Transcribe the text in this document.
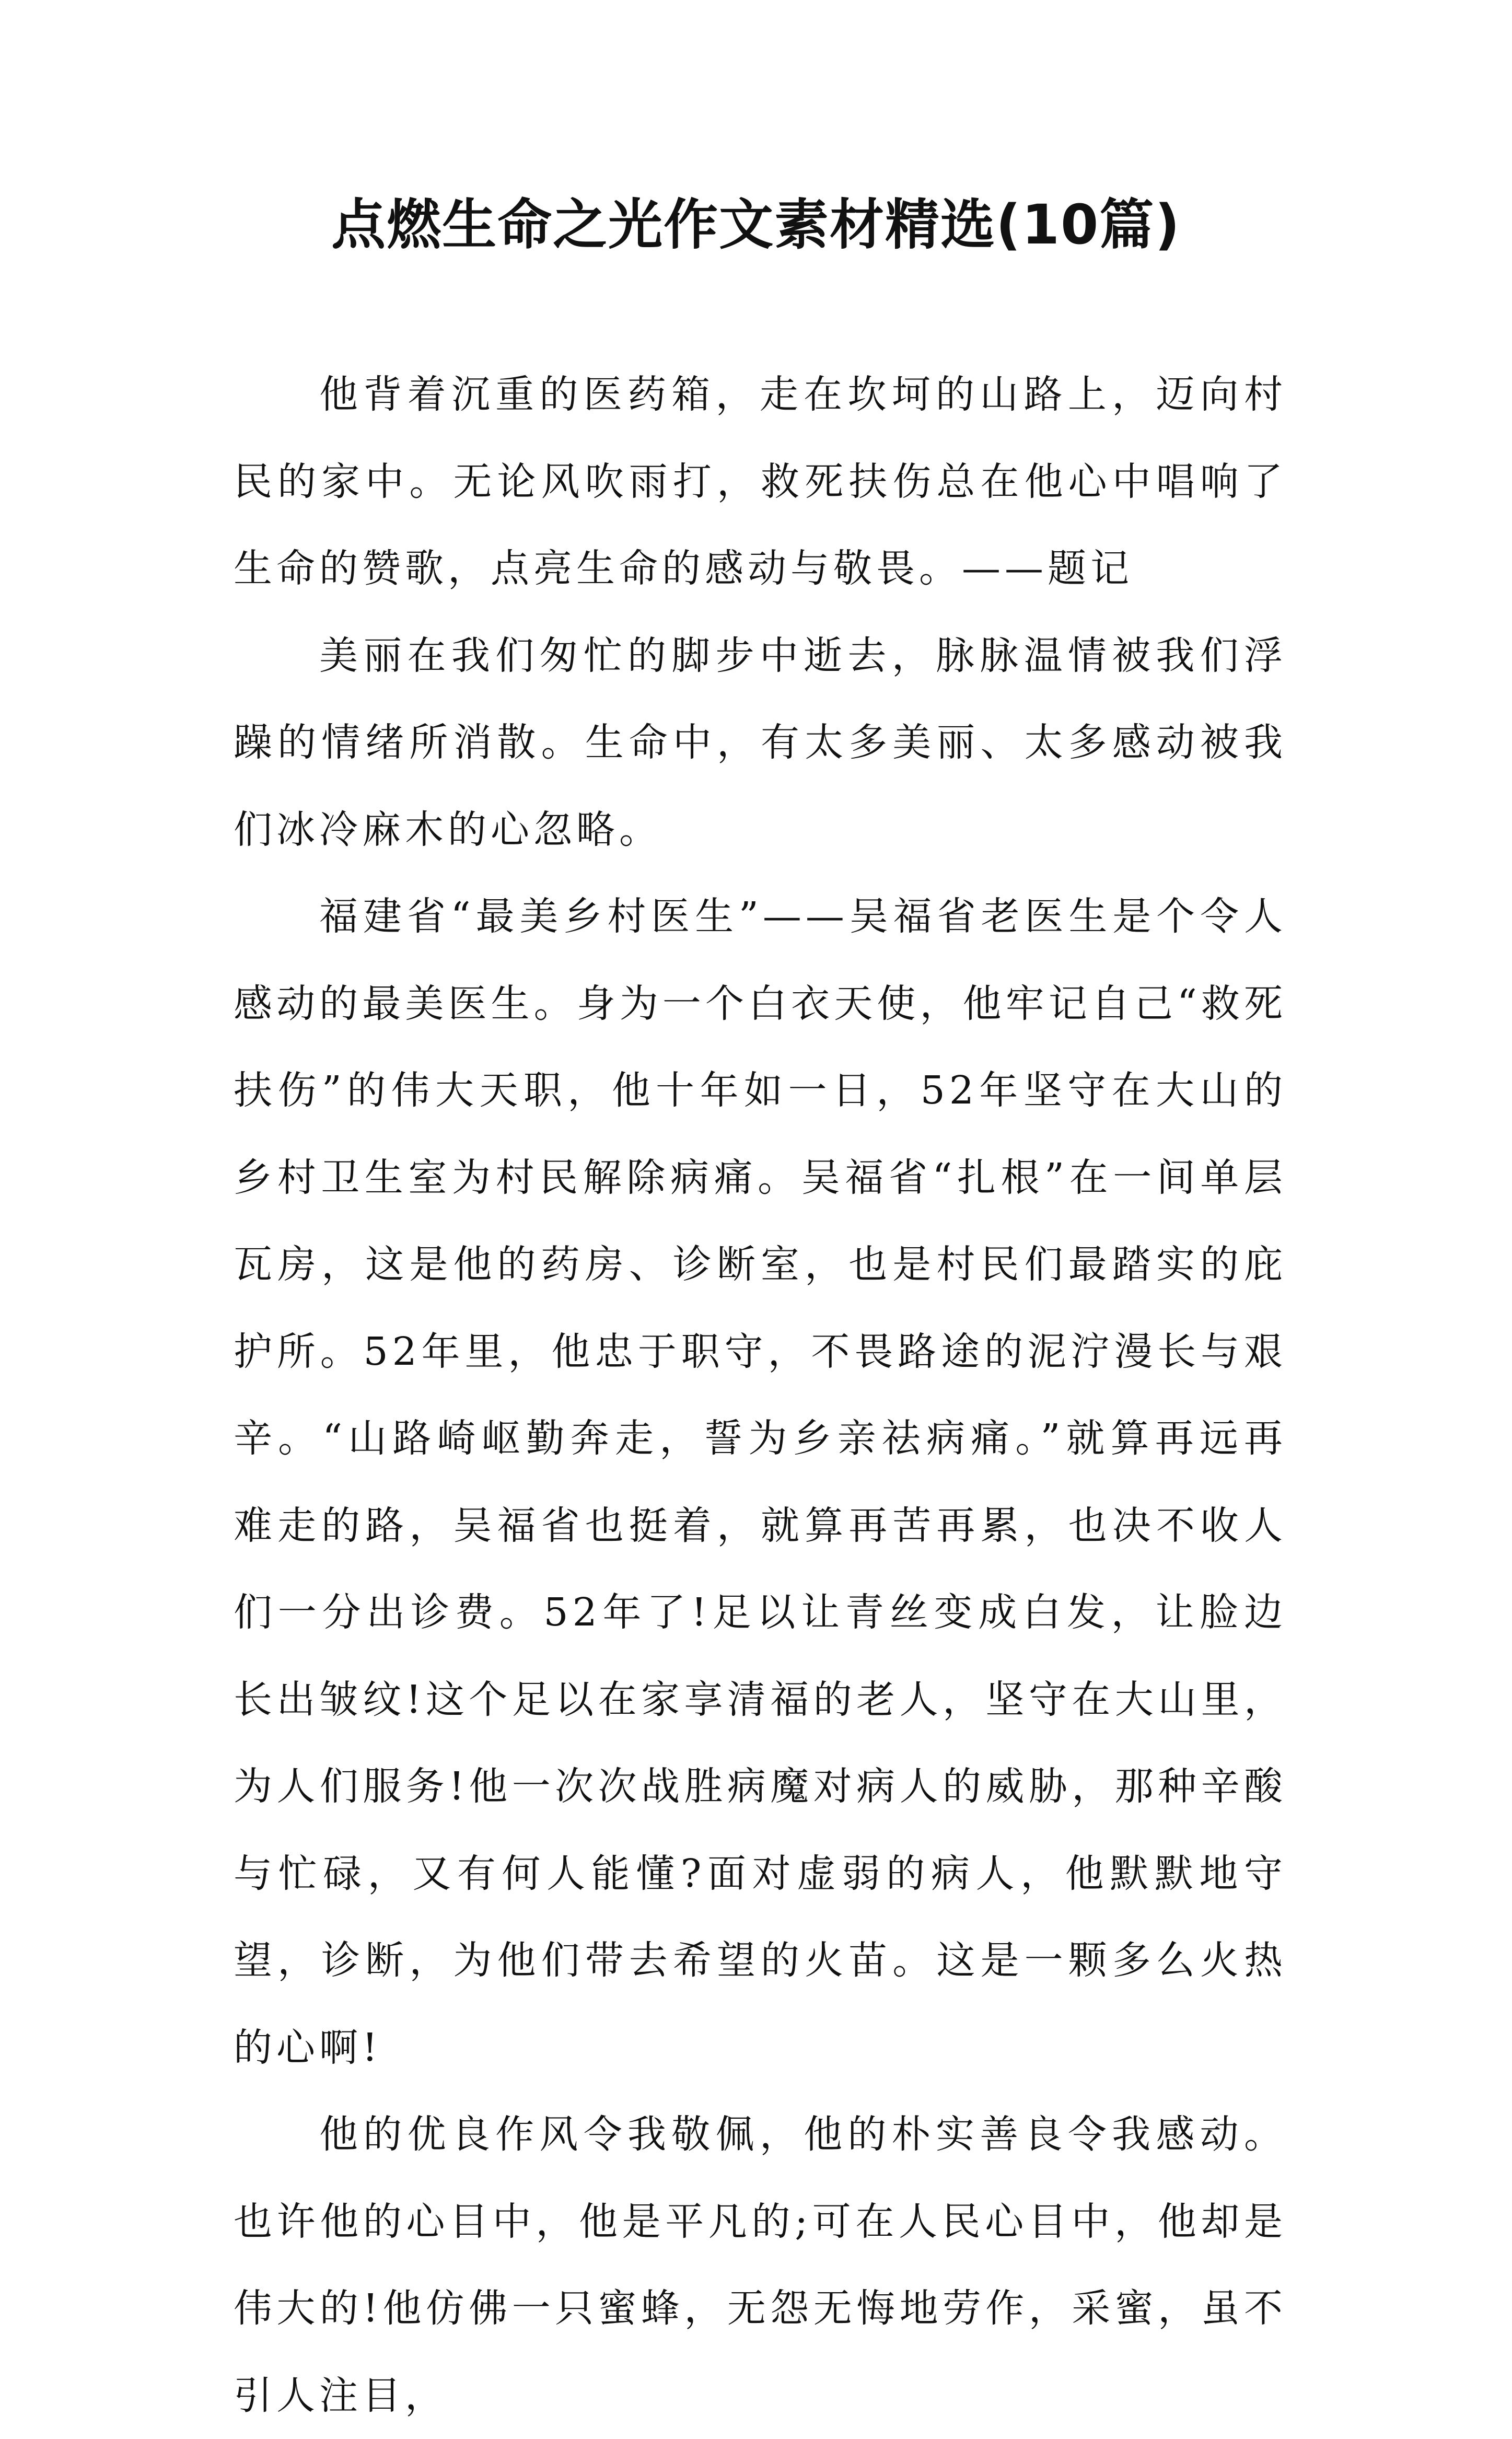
点燃生命之光作文素材精选(10篇)

他背着沉重的医药箱，走在坎坷的山路上，迈向村民的家中。无论风吹雨打，救死扶伤总在他心中唱响了生命的赞歌，点亮生命的感动与敬畏。——题记

美丽在我们匆忙的脚步中逝去，脉脉温情被我们浮躁的情绪所消散。生命中，有太多美丽、太多感动被我们冰冷麻木的心忽略。

福建省“最美乡村医生”——吴福省老医生是个令人感动的最美医生。身为一个白衣天使，他牢记自己“救死扶伤”的伟大天职，他十年如一日，52年坚守在大山的乡村卫生室为村民解除病痛。吴福省“扎根”在一间单层瓦房，这是他的药房、诊断室，也是村民们最踏实的庇护所。52年里，他忠于职守，不畏路途的泥泞漫长与艰辛。“山路崎岖勤奔走，誓为乡亲祛病痛。”就算再远再难走的路，吴福省也挺着，就算再苦再累，也决不收人们一分出诊费。52年了!足以让青丝变成白发，让脸边长出皱纹!这个足以在家享清福的老人，坚守在大山里，为人们服务!他一次次战胜病魔对病人的威胁，那种辛酸与忙碌，又有何人能懂?面对虚弱的病人，他默默地守望，诊断，为他们带去希望的火苗。这是一颗多么火热的心啊!

他的优良作风令我敬佩，他的朴实善良令我感动。也许他的心目中，他是平凡的;可在人民心目中，他却是伟大的!他仿佛一只蜜蜂，无怨无悔地劳作，采蜜，虽不引人注目，
